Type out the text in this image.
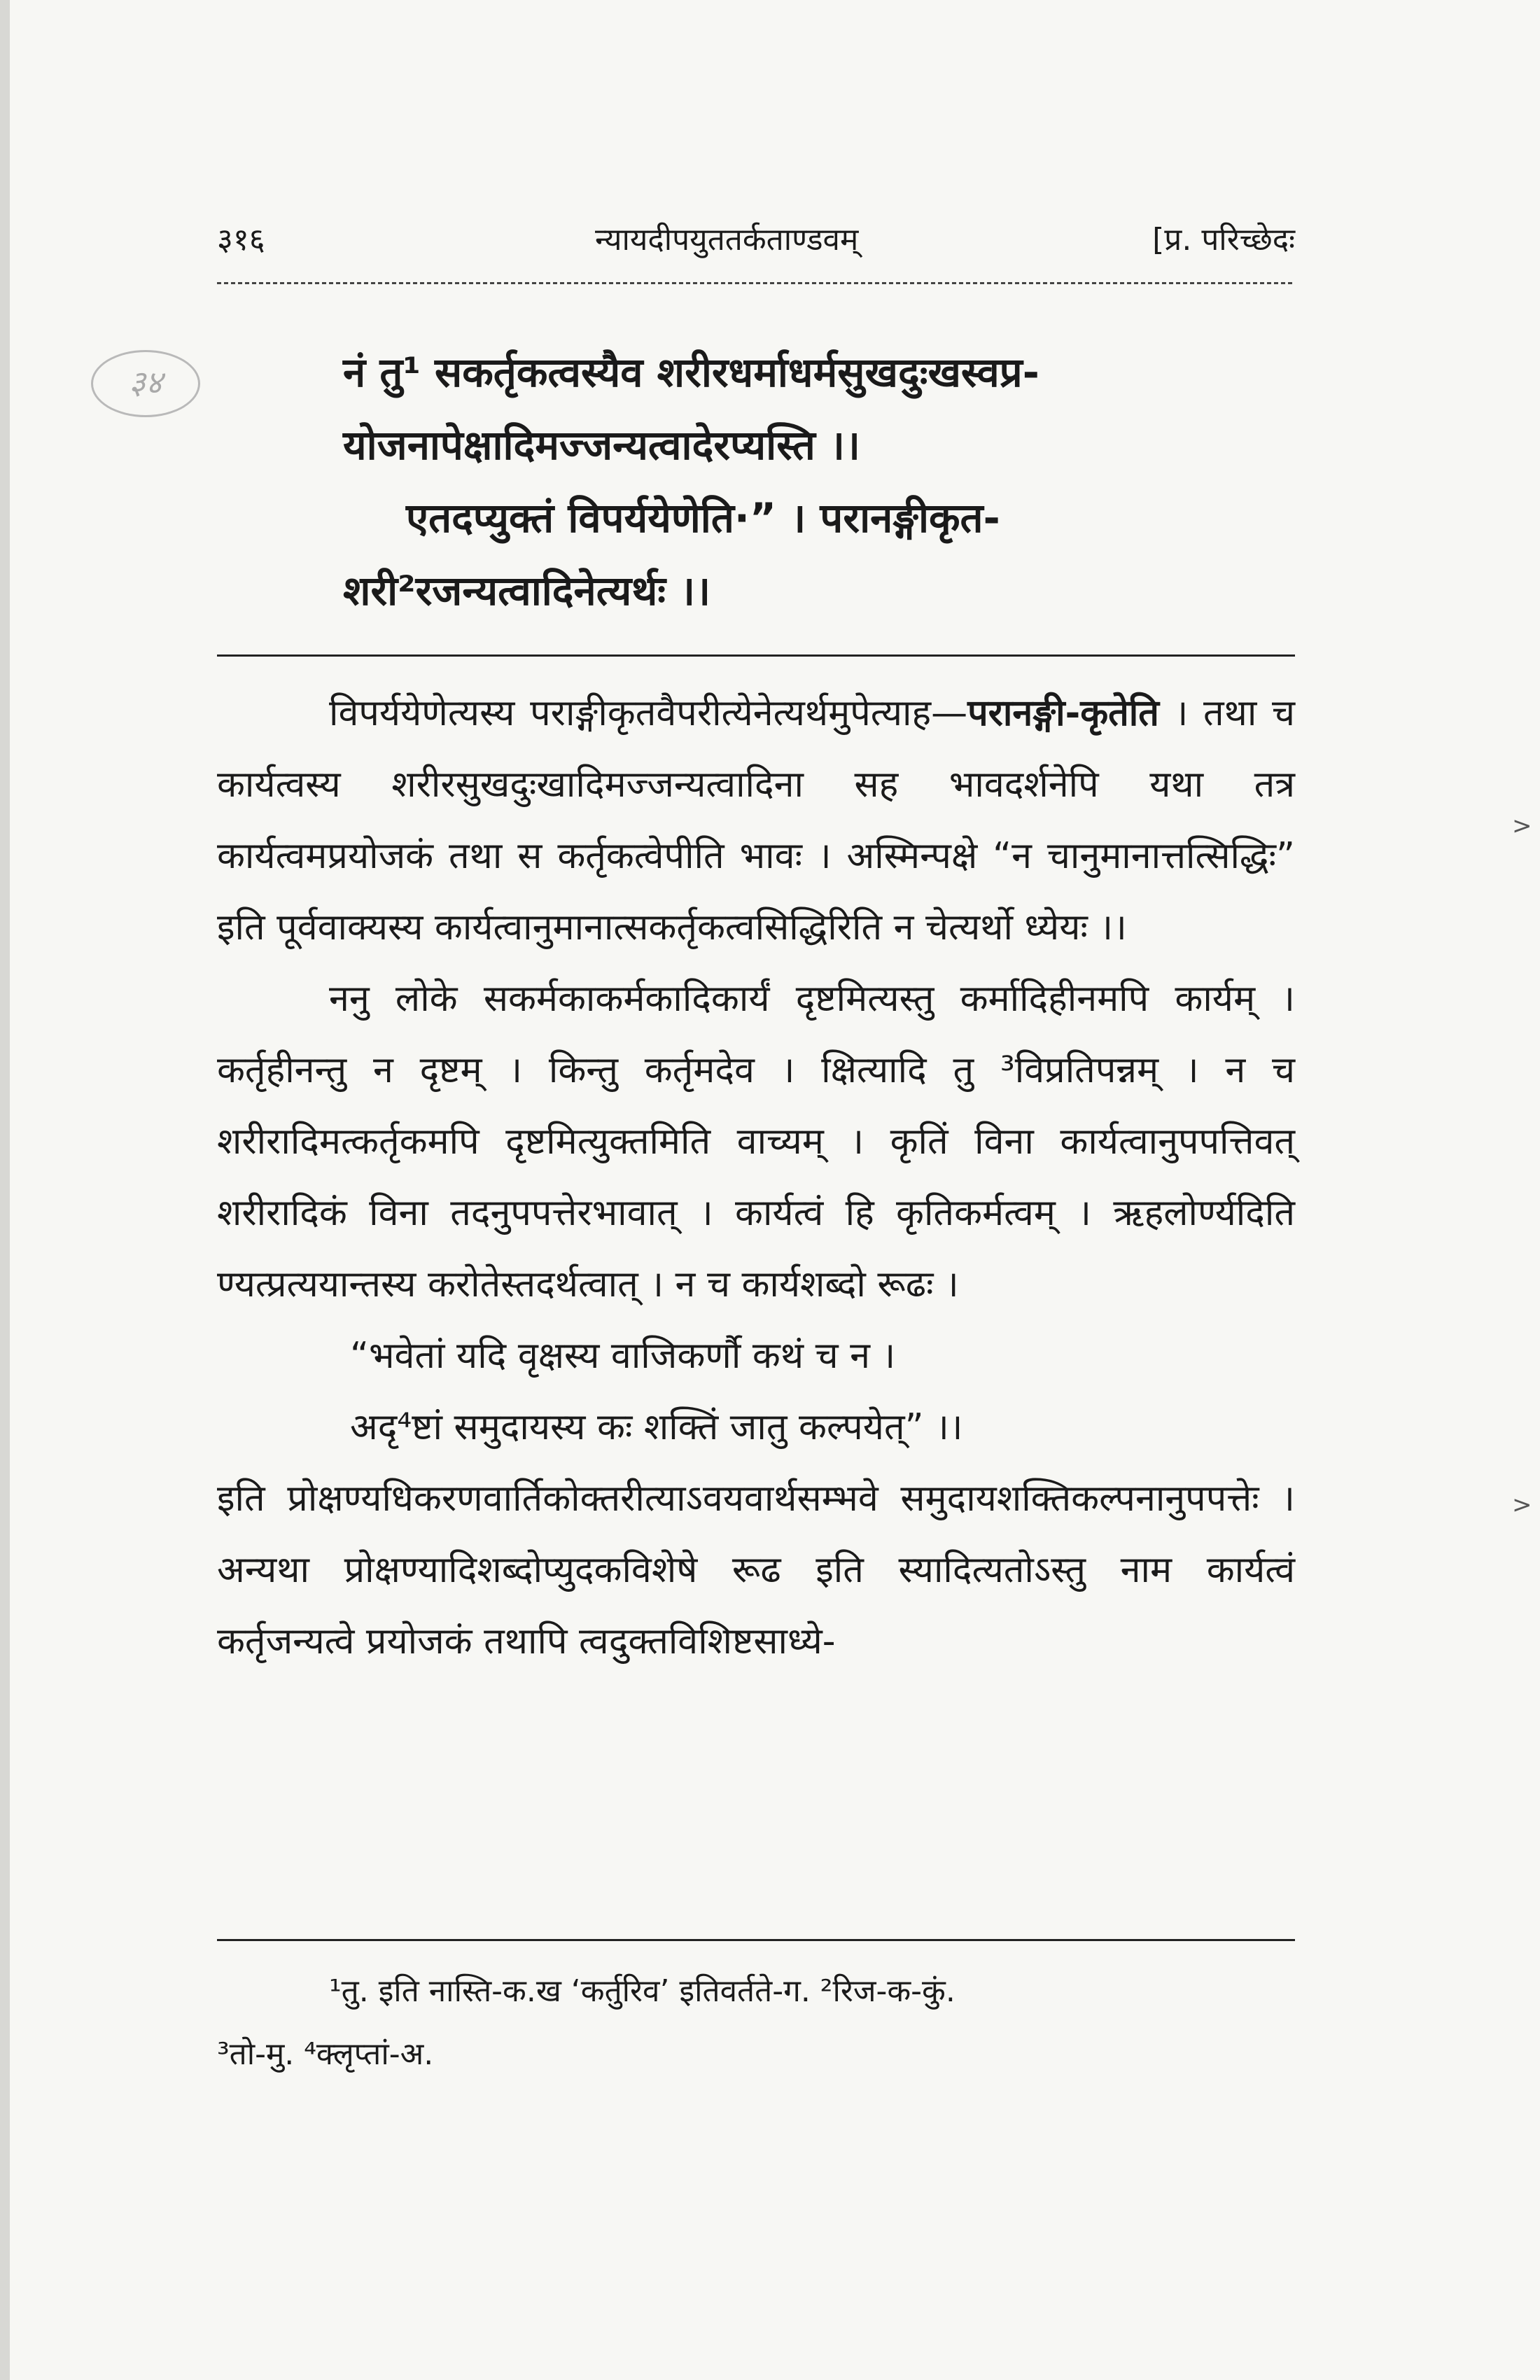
३१६	न्यायदीपयुततर्कताण्डवम्	[प्र. परिच्छेदः
३४	नं तु¹ सकर्तृकत्वस्यैव शरीरधर्माधर्मसुखदुःखस्वप्र-

योजनापेक्षादिमज्जन्यत्वादेरप्यस्ति ।।

एतदप्युक्तं विपर्ययेणेति·” । परानङ्गीकृत-

शरी²रजन्यत्वादिनेत्यर्थः ।।

विपर्ययेणेत्यस्य पराङ्गीकृतवैपरीत्येनेत्यर्थमुपेत्याह—परानङ्गी-कृतेति । तथा च कार्यत्वस्य शरीरसुखदुःखादिमज्जन्यत्वादिना सह भावदर्शनेपि यथा तत्र कार्यत्वमप्रयोजकं तथा स कर्तृकत्वेपीति भावः । अस्मिन्पक्षे “न चानुमानात्तत्सिद्धिः” इति पूर्ववाक्यस्य कार्यत्वानुमानात्सकर्तृकत्वसिद्धिरिति न चेत्यर्थो ध्येयः ।।

ननु लोके सकर्मकाकर्मकादिकार्यं दृष्टमित्यस्तु कर्मादिहीनमपि कार्यम् । कर्तृहीनन्तु न दृष्टम् । किन्तु कर्तृमदेव । क्षित्यादि तु ³विप्रतिपन्नम् । न च शरीरादिमत्कर्तृकमपि दृष्टमित्युक्तमिति वाच्यम् । कृतिं विना कार्यत्वानुपपत्तिवत् शरीरादिकं विना तदनुपपत्तेरभावात् । कार्यत्वं हि कृतिकर्मत्वम् । ऋहलोर्ण्यदिति ण्यत्प्रत्ययान्तस्य करोतेस्तदर्थत्वात् । न च कार्यशब्दो रूढः ।

“भवेतां यदि वृक्षस्य वाजिकर्णौ कथं च न ।

अदृ⁴ष्टां समुदायस्य कः शक्तिं जातु कल्पयेत्” ।।

इति प्रोक्षण्यधिकरणवार्तिकोक्तरीत्याऽवयवार्थसम्भवे समुदायशक्तिकल्पनानुपपत्तेः । अन्यथा प्रोक्षण्यादिशब्दोप्युदकविशेषे रूढ इति स्यादित्यतोऽस्तु नाम कार्यत्वं कर्तृजन्यत्वे प्रयोजकं तथापि त्वदुक्तविशिष्टसाध्ये-

¹तु. इति नास्ति-क.ख ‘कर्तुरिव’ इतिवर्तते-ग. ²रिज-क-कुं.

³तो-मु. ⁴क्लृप्तां-अ.

>
>
